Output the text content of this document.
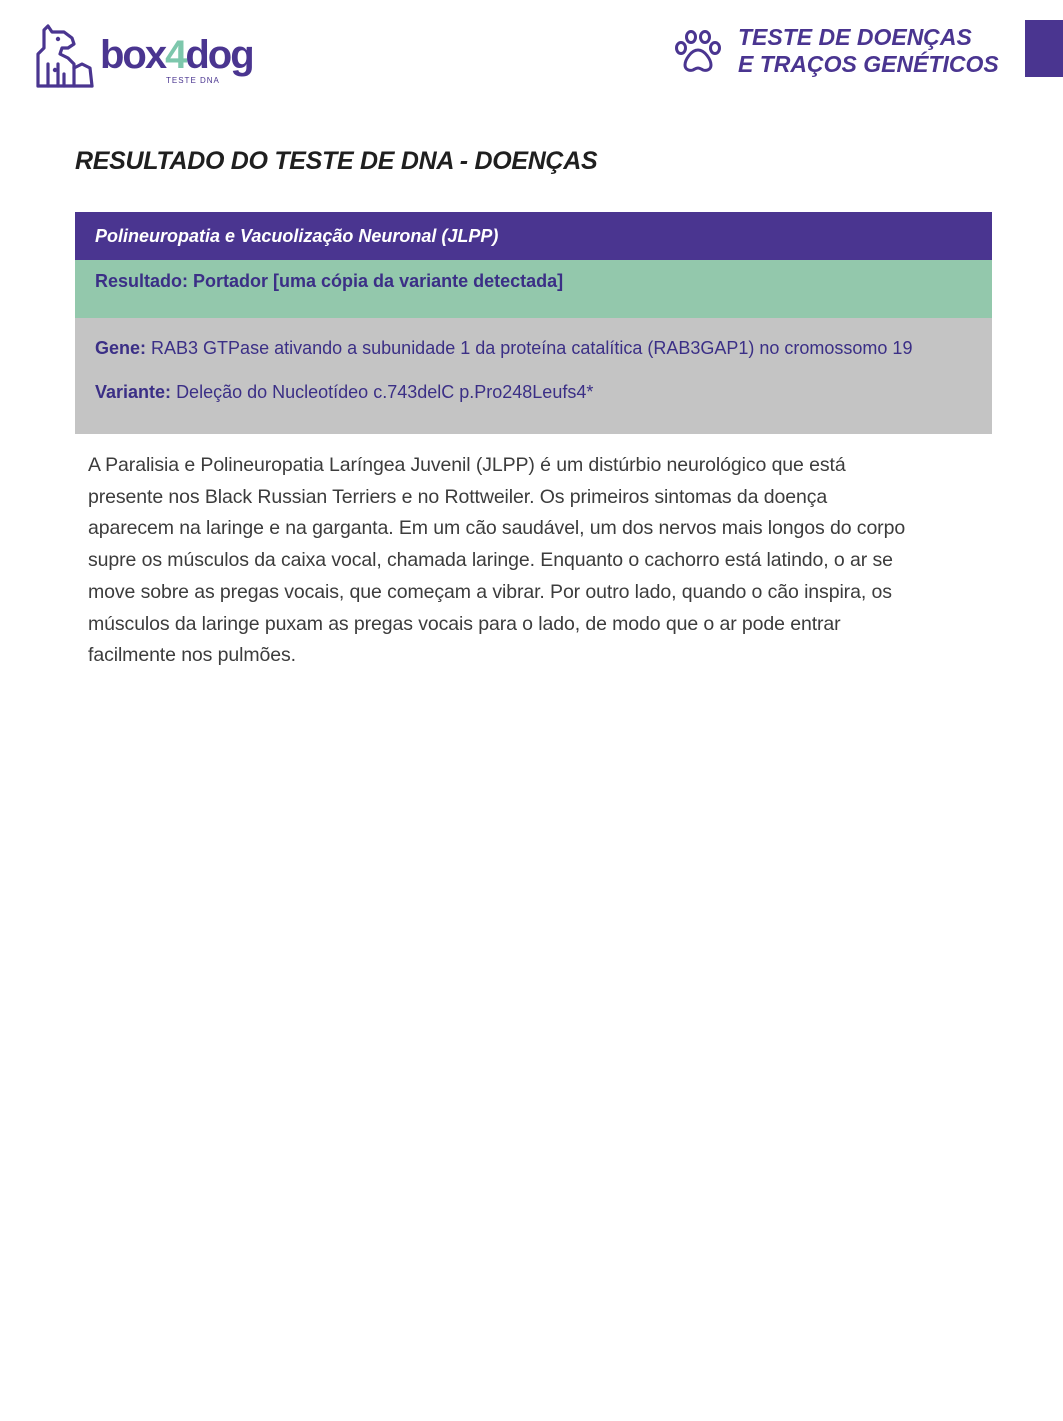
box4dog
TESTE DNA
TESTE DE DOENÇAS
E TRAÇOS GENÉTICOS
RESULTADO DO TESTE DE DNA - DOENÇAS
Polineuropatia e Vacuolização Neuronal (JLPP)
Resultado: Portador [uma cópia da variante detectada]
Gene: RAB3 GTPase ativando a subunidade 1 da proteína catalítica (RAB3GAP1) no cromossomo 19
Variante: Deleção do Nucleotídeo c.743delC p.Pro248Leufs4*
A Paralisia e Polineuropatia Laríngea Juvenil (JLPP) é um distúrbio neurológico que está
presente nos Black Russian Terriers e no Rottweiler. Os primeiros sintomas da doença
aparecem na laringe e na garganta. Em um cão saudável, um dos nervos mais longos do corpo
supre os músculos da caixa vocal, chamada laringe. Enquanto o cachorro está latindo, o ar se
move sobre as pregas vocais, que começam a vibrar. Por outro lado, quando o cão inspira, os
músculos da laringe puxam as pregas vocais para o lado, de modo que o ar pode entrar
facilmente nos pulmões.
